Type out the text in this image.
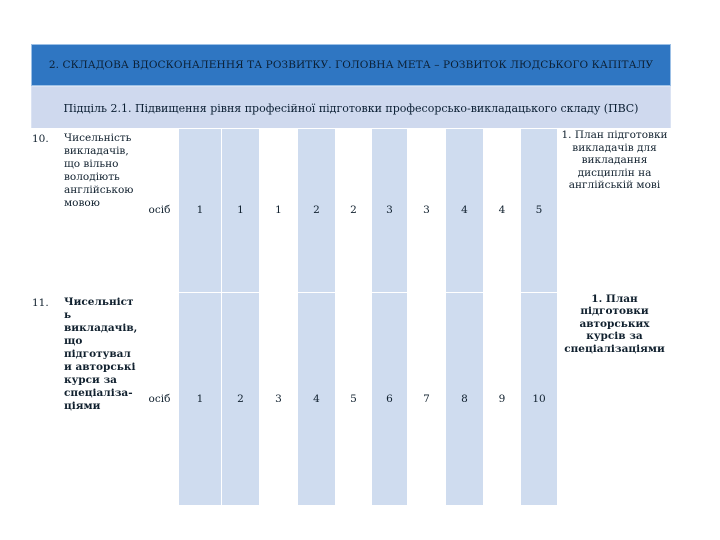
2. СКЛАДОВА ВДОСКОНАЛЕННЯ ТА РОЗВИТКУ. ГОЛОВНА МЕТА – РОЗВИТОК ЛЮДСЬКОГО КАПІТАЛУ
Підціль 2.1. Підвищення рівня професійної підготовки професорсько-викладацького складу (ПВС)
10.	Чисельність викладачів, що вільно володіють англійською мовою	осіб	1	1	1	2	2	3	3	4	4	5	1. План підготовки викладачів для викладання дисциплін на англійській мові
11.	Чисельніст ь викладачів, що підготувал и авторські курси за спеціаліза- ціями	осіб	1	2	3	4	5	6	7	8	9	10	1. План підготовки авторських курсів за спеціалізаціями
